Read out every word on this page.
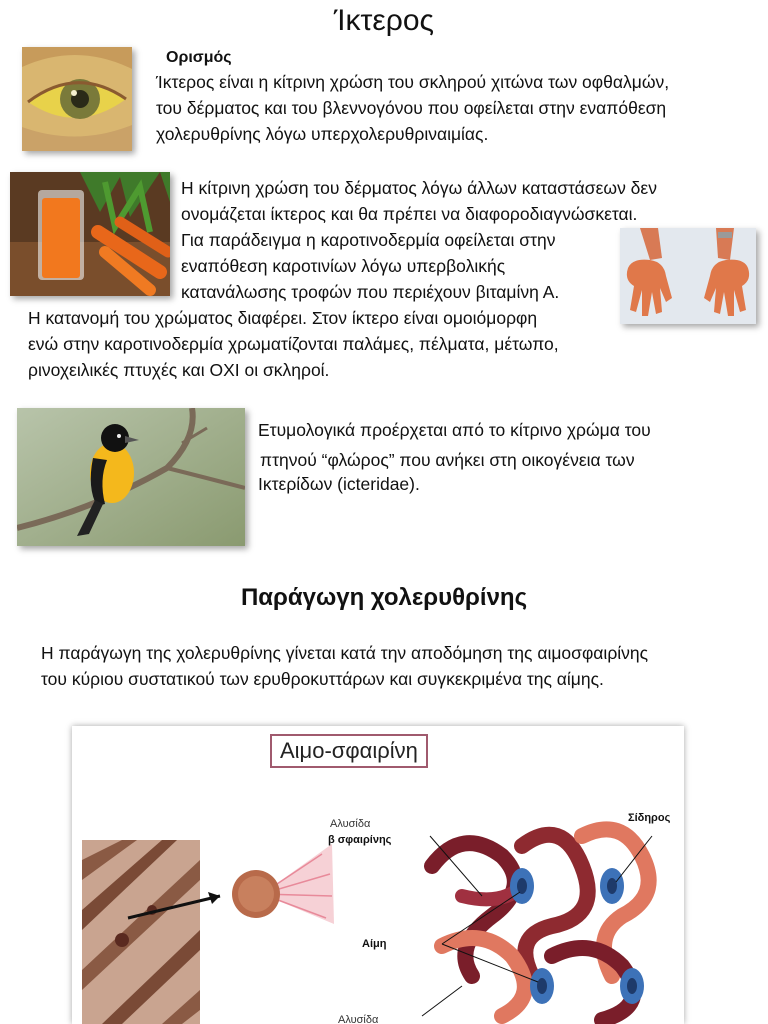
Ίκτερος
Ορισμός
Ίκτερος είναι η κίτρινη χρώση του σκληρού χιτώνα των οφθαλμών,
του δέρματος και του βλεννογόνου που οφείλεται στην εναπόθεση
χολερυθρίνης λόγω υπερχολερυθριναιμίας.
Η κίτρινη χρώση του δέρματος λόγω άλλων καταστάσεων δεν
ονομάζεται ίκτερος και θα πρέπει να διαφοροδιαγνώσκεται.
Για παράδειγμα η καροτινοδερμία οφείλεται στην
εναπόθεση καροτινίων λόγω υπερβολικής
κατανάλωσης τροφών που περιέχουν βιταμίνη Α.
Η κατανομή του χρώματος διαφέρει. Στον ίκτερο είναι ομοιόμορφη
ενώ στην καροτινοδερμία χρωματίζονται παλάμες, πέλματα, μέτωπο,
ρινοχειλικές πτυχές και ΟΧΙ οι σκληροί.
Ετυμολογικά προέρχεται από το κίτρινο χρώμα του
πτηνού “φλώρος” που ανήκει στη οικογένεια των
Ικτερίδων (icteridae).
Παράγωγη χολερυθρίνης
Η παράγωγη της χολερυθρίνης γίνεται κατά την αποδόμηση της αιμοσφαιρίνης
του κύριου συστατικού των ερυθροκυττάρων και συγκεκριμένα της αίμης.
Αιμο-σφαιρίνη
Αλυσίδα
β σφαιρίνης
Σίδηρος
Αίμη
Αλυσίδα
